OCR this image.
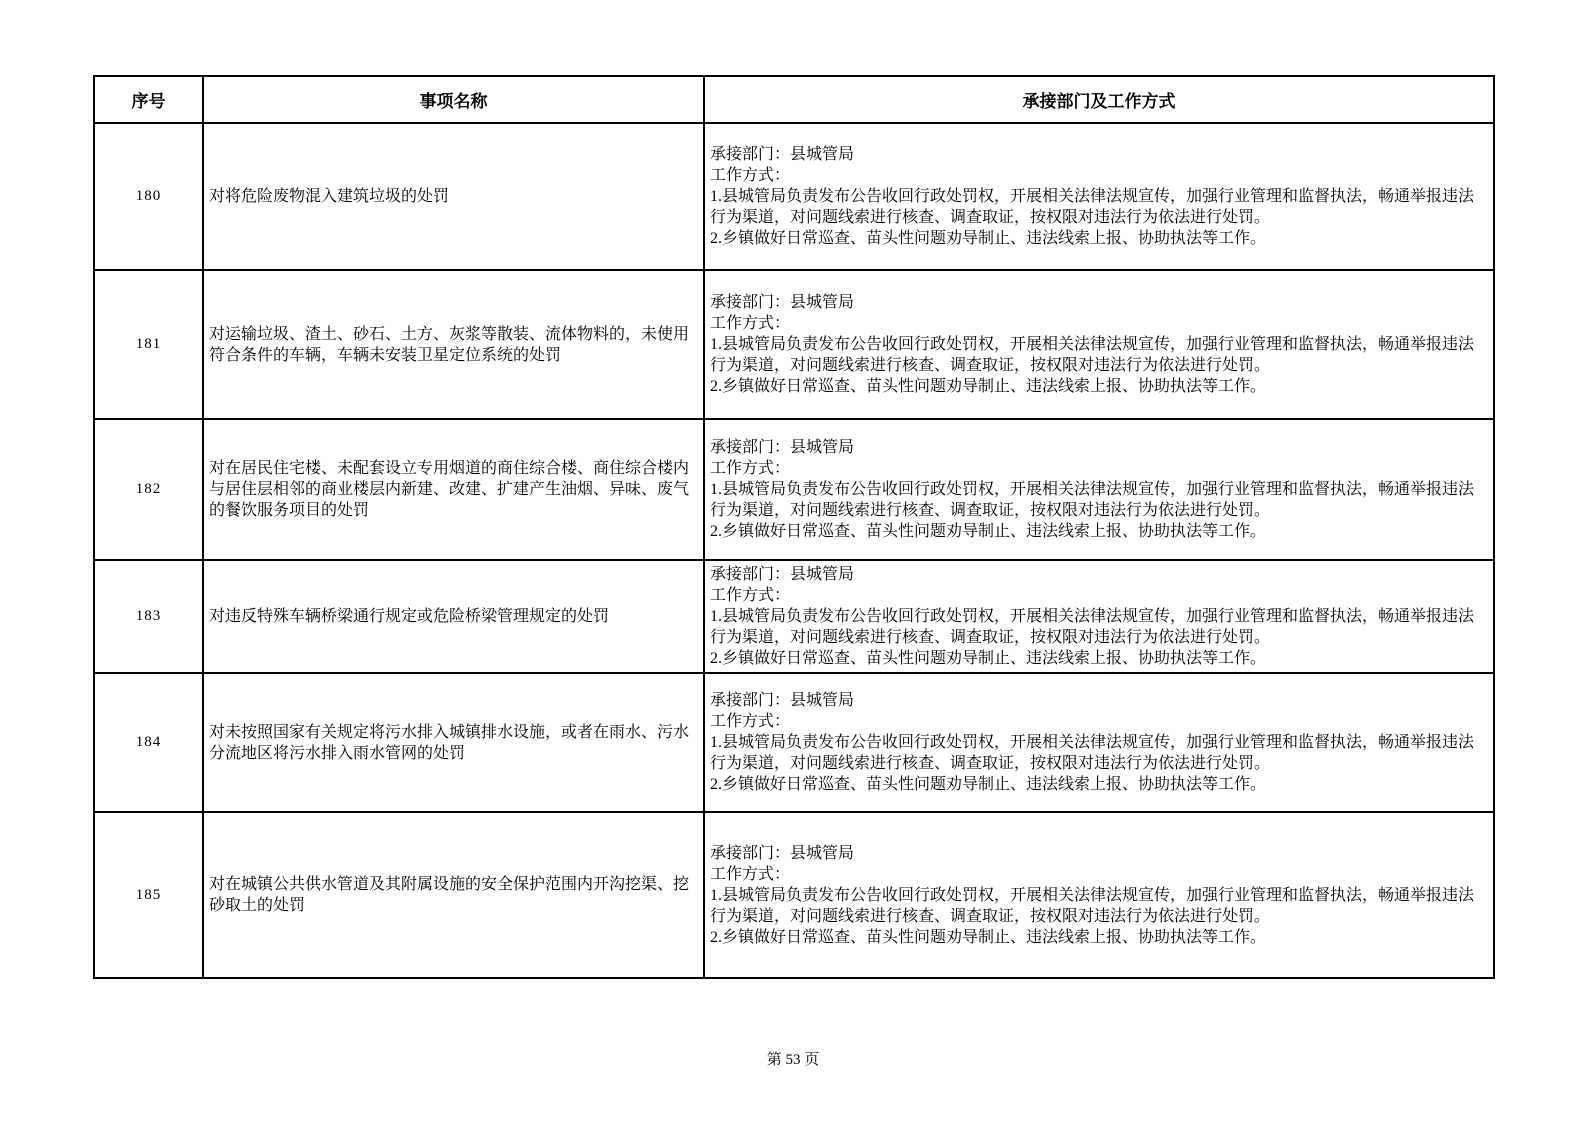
序号	事项名称	承接部门及工作方式
180	对将危险废物混入建筑垃圾的处罚	承接部门：县城管局
工作方式：
1.县城管局负责发布公告收回行政处罚权，开展相关法律法规宣传，加强行业管理和监督执法，畅通举报违法行为渠道，对问题线索进行核查、调查取证，按权限对违法行为依法进行处罚。
2.乡镇做好日常巡查、苗头性问题劝导制止、违法线索上报、协助执法等工作。

181	对运输垃圾、渣土、砂石、土方、灰浆等散装、流体物料的，未使用符合条件的车辆，车辆未安装卫星定位系统的处罚	承接部门：县城管局
工作方式：
1.县城管局负责发布公告收回行政处罚权，开展相关法律法规宣传，加强行业管理和监督执法，畅通举报违法行为渠道，对问题线索进行核查、调查取证，按权限对违法行为依法进行处罚。
2.乡镇做好日常巡查、苗头性问题劝导制止、违法线索上报、协助执法等工作。

182	对在居民住宅楼、未配套设立专用烟道的商住综合楼、商住综合楼内与居住层相邻的商业楼层内新建、改建、扩建产生油烟、异味、废气的餐饮服务项目的处罚	承接部门：县城管局
工作方式：
1.县城管局负责发布公告收回行政处罚权，开展相关法律法规宣传，加强行业管理和监督执法，畅通举报违法行为渠道，对问题线索进行核查、调查取证，按权限对违法行为依法进行处罚。
2.乡镇做好日常巡查、苗头性问题劝导制止、违法线索上报、协助执法等工作。

183	对违反特殊车辆桥梁通行规定或危险桥梁管理规定的处罚	承接部门：县城管局
工作方式：
1.县城管局负责发布公告收回行政处罚权，开展相关法律法规宣传，加强行业管理和监督执法，畅通举报违法行为渠道，对问题线索进行核查、调查取证，按权限对违法行为依法进行处罚。
2.乡镇做好日常巡查、苗头性问题劝导制止、违法线索上报、协助执法等工作。

184	对未按照国家有关规定将污水排入城镇排水设施，或者在雨水、污水分流地区将污水排入雨水管网的处罚	承接部门：县城管局
工作方式：
1.县城管局负责发布公告收回行政处罚权，开展相关法律法规宣传，加强行业管理和监督执法，畅通举报违法行为渠道，对问题线索进行核查、调查取证，按权限对违法行为依法进行处罚。
2.乡镇做好日常巡查、苗头性问题劝导制止、违法线索上报、协助执法等工作。

185	对在城镇公共供水管道及其附属设施的安全保护范围内开沟挖渠、挖砂取土的处罚	承接部门：县城管局
工作方式：
1.县城管局负责发布公告收回行政处罚权，开展相关法律法规宣传，加强行业管理和监督执法，畅通举报违法行为渠道，对问题线索进行核查、调查取证，按权限对违法行为依法进行处罚。
2.乡镇做好日常巡查、苗头性问题劝导制止、违法线索上报、协助执法等工作。
第 53 页
